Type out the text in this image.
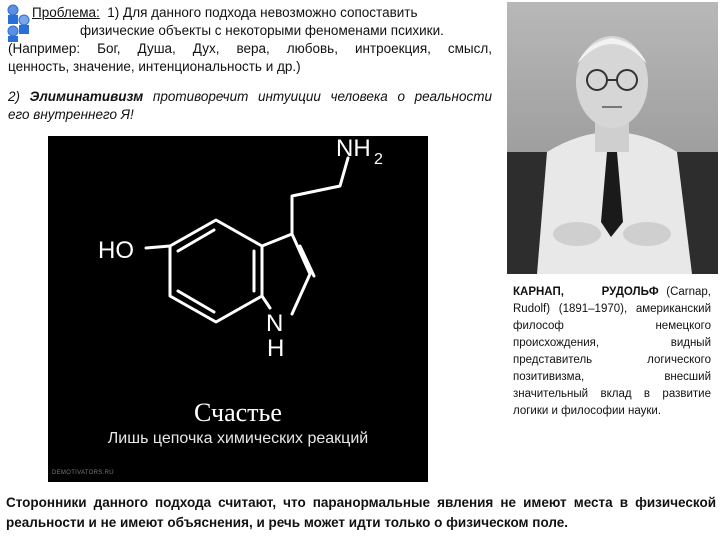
Проблема: 1) Для данного подхода невозможно сопоставить
физические объекты с некоторыми феноменами психики.
(Например: Бог, Душа, Дух, вера, любовь, интроекция, смысл,
ценность, значение, интенциональность и др.)
2) Элиминативизм противоречит интуиции человека о реальности
его внутреннего Я!
NH 2
HO
N
H
Счастье
Лишь цепочка химических реакций
DEMOTIVATORS.RU
КАРНАП,     РУДОЛЬФ (Carnap, Rudolf) (1891–1970), американский философ немецкого происхождения, видный представитель логического позитивизма, внесший значительный вклад в развитие логики и философии науки.
Сторонники данного подхода считают, что паранормальные явления не имеют места в физической
реальности и не имеют объяснения, и речь может идти только о физическом поле.
